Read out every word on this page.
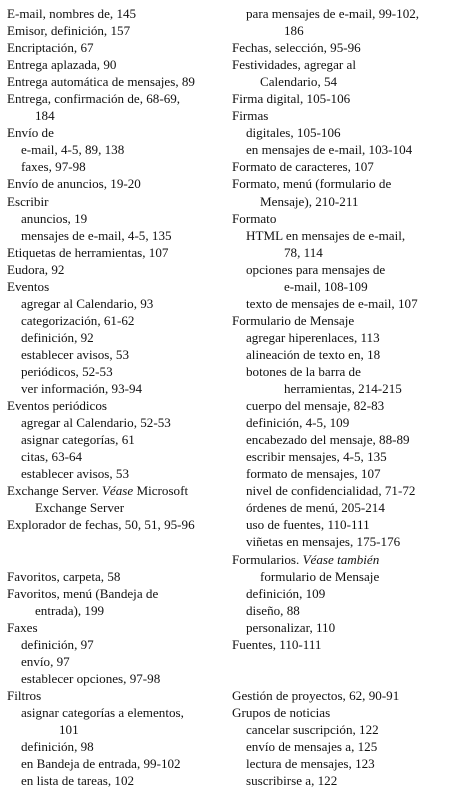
E-mail, nombres de, 145
Emisor, definición, 157
Encriptación, 67
Entrega aplazada, 90
Entrega automática de mensajes, 89
Entrega, confirmación de, 68-69,
184
Envío de
e-mail, 4-5, 89, 138
faxes, 97-98
Envío de anuncios, 19-20
Escribir
anuncios, 19
mensajes de e-mail, 4-5, 135
Etiquetas de herramientas, 107
Eudora, 92
Eventos
agregar al Calendario, 93
categorización, 61-62
definición, 92
establecer avisos, 53
periódicos, 52-53
ver información, 93-94
Eventos periódicos
agregar al Calendario, 52-53
asignar categorías, 61
citas, 63-64
establecer avisos, 53
Exchange Server. Véase Microsoft
Exchange Server
Explorador de fechas, 50, 51, 95-96
Favoritos, carpeta, 58
Favoritos, menú (Bandeja de
entrada), 199
Faxes
definición, 97
envío, 97
establecer opciones, 97-98
Filtros
asignar categorías a elementos,
101
definición, 98
en Bandeja de entrada, 99-102
en lista de tareas, 102
para mensajes de e-mail, 99-102,
186
Fechas, selección, 95-96
Festividades, agregar al
Calendario, 54
Firma digital, 105-106
Firmas
digitales, 105-106
en mensajes de e-mail, 103-104
Formato de caracteres, 107
Formato, menú (formulario de
Mensaje), 210-211
Formato
HTML en mensajes de e-mail,
78, 114
opciones para mensajes de
e-mail, 108-109
texto de mensajes de e-mail, 107
Formulario de Mensaje
agregar hiperenlaces, 113
alineación de texto en, 18
botones de la barra de
herramientas, 214-215
cuerpo del mensaje, 82-83
definición, 4-5, 109
encabezado del mensaje, 88-89
escribir mensajes, 4-5, 135
formato de mensajes, 107
nivel de confidencialidad, 71-72
órdenes de menú, 205-214
uso de fuentes, 110-111
viñetas en mensajes, 175-176
Formularios. Véase también
formulario de Mensaje
definición, 109
diseño, 88
personalizar, 110
Fuentes, 110-111
Gestión de proyectos, 62, 90-91
Grupos de noticias
cancelar suscripción, 122
envío de mensajes a, 125
lectura de mensajes, 123
suscribirse a, 122
